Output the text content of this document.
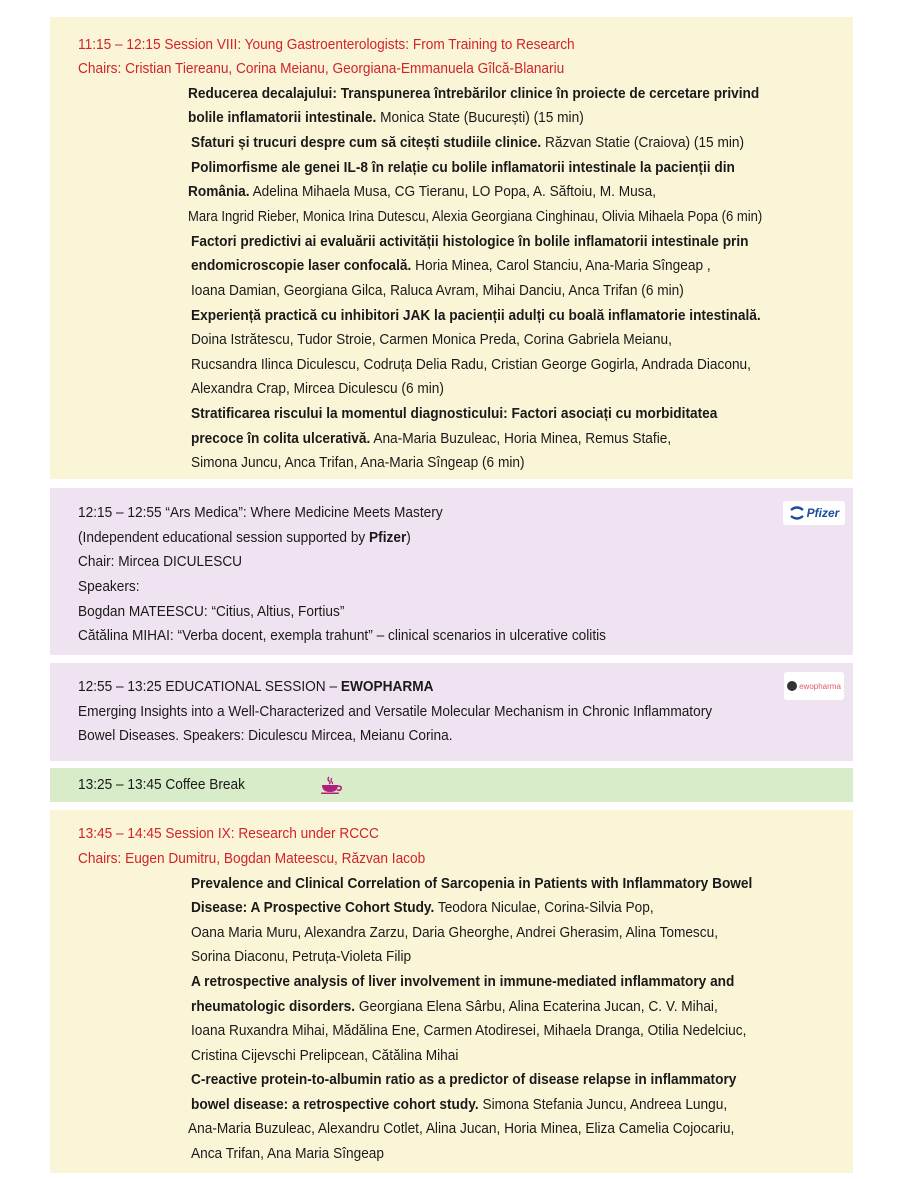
11:15 – 12:15 Session VIII: Young Gastroenterologists: From Training to Research
Chairs: Cristian Tiereanu, Corina Meianu, Georgiana-Emmanuela Gîlcă-Blanariu
Reducerea decalajului: Transpunerea întrebărilor clinice în proiecte de cercetare privind
bolile inflamatorii intestinale. Monica State (București) (15 min)
Sfaturi și trucuri despre cum să citești studiile clinice. Răzvan Statie (Craiova) (15 min)
Polimorfisme ale genei IL-8 în relație cu bolile inflamatorii intestinale la pacienții din
România. Adelina Mihaela Musa, CG Tieranu, LO Popa, A. Săftoiu, M. Musa,
Mara Ingrid Rieber, Monica Irina Dutescu, Alexia Georgiana Cinghinau, Olivia Mihaela Popa (6 min)
Factori predictivi ai evaluării activității histologice în bolile inflamatorii intestinale prin
endomicroscopie laser confocală. Horia Minea, Carol Stanciu, Ana-Maria Sîngeap ,
Ioana Damian, Georgiana Gilca, Raluca Avram, Mihai Danciu, Anca Trifan (6 min)
Experiență practică cu inhibitori JAK la pacienții adulți cu boală inflamatorie intestinală.
Doina Istrătescu, Tudor Stroie, Carmen Monica Preda, Corina Gabriela Meianu,
Rucsandra Ilinca Diculescu, Codruța Delia Radu, Cristian George Gogirla, Andrada Diaconu,
Alexandra Crap, Mircea Diculescu (6 min)
Stratificarea riscului la momentul diagnosticului: Factori asociați cu morbiditatea
precoce în colita ulcerativă. Ana-Maria Buzuleac, Horia Minea, Remus Stafie,
Simona Juncu, Anca Trifan, Ana-Maria Sîngeap (6 min)
12:15 – 12:55 “Ars Medica”: Where Medicine Meets Mastery
(Independent educational session supported by Pfizer)
Chair: Mircea DICULESCU
Speakers:
Bogdan MATEESCU: “Citius, Altius, Fortius”
Cătălina MIHAI: “Verba docent, exempla trahunt” – clinical scenarios in ulcerative colitis
Pfizer
12:55 – 13:25 EDUCATIONAL SESSION – EWOPHARMA
Emerging Insights into a Well-Characterized and Versatile Molecular Mechanism in Chronic Inflammatory
Bowel Diseases. Speakers: Diculescu Mircea, Meianu Corina.
ewopharma
13:25 – 13:45 Coffee Break
13:45 – 14:45 Session IX: Research under RCCC
Chairs: Eugen Dumitru, Bogdan Mateescu, Răzvan Iacob
Prevalence and Clinical Correlation of Sarcopenia in Patients with Inflammatory Bowel
Disease: A Prospective Cohort Study. Teodora Niculae, Corina-Silvia Pop,
Oana Maria Muru, Alexandra Zarzu, Daria Gheorghe, Andrei Gherasim, Alina Tomescu,
Sorina Diaconu, Petruța-Violeta Filip
A retrospective analysis of liver involvement in immune-mediated inflammatory and
rheumatologic disorders. Georgiana Elena Sârbu, Alina Ecaterina Jucan, C. V. Mihai,
Ioana Ruxandra Mihai, Mădălina Ene, Carmen Atodiresei, Mihaela Dranga, Otilia Nedelciuc,
Cristina Cijevschi Prelipcean, Cătălina Mihai
C-reactive protein-to-albumin ratio as a predictor of disease relapse in inflammatory
bowel disease: a retrospective cohort study. Simona Stefania Juncu, Andreea Lungu,
Ana-Maria Buzuleac, Alexandru Cotlet, Alina Jucan, Horia Minea, Eliza Camelia Cojocariu,
Anca Trifan, Ana Maria Sîngeap
